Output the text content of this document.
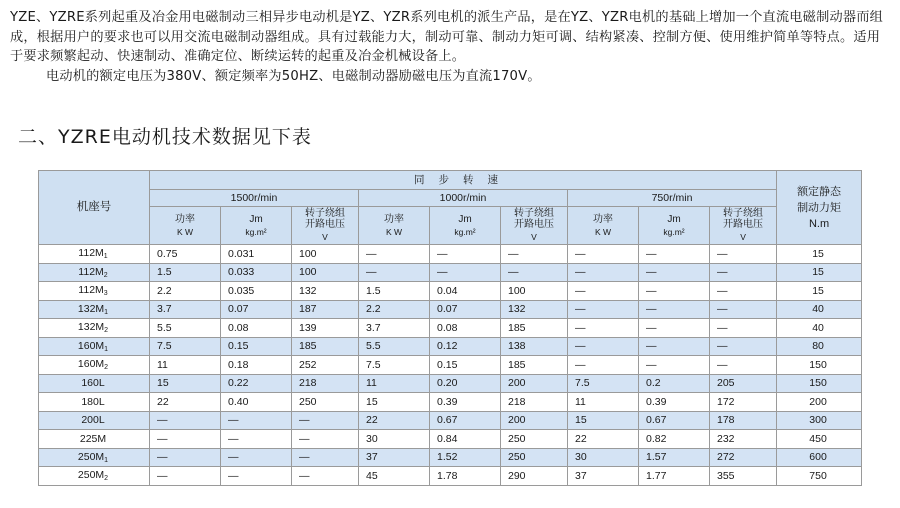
YZE、YZRE系列起重及冶金用电磁制动三相异步电动机是YZ、YZR系列电机的派生产品，是在YZ、YZR电机的基础上增加一个直流电磁制动器而组成，根据用户的要求也可以用交流电磁制动器组成。具有过载能力大，制动可靠、制动力矩可调、结构紧凑、控制方便、使用维护简单等特点。适用于要求频繁起动、快速制动、准确定位、断续运转的起重及冶金机械设备上。

电动机的额定电压为380V、额定频率为50HZ、电磁制动器励磁电压为直流170V。

二、YZRE电动机技术数据见下表
机座号	同步转速									额定静态
制动力矩
N.m
	1500r/min			1000r/min			750r/min			
	功率

K W	Jm

kg.m²	转子绕组
开路电压

V	功率

K W	Jm

kg.m²	转子绕组
开路电压

V	功率

K W	Jm

kg.m²	转子绕组
开路电压

V	

$112M_1$	0.75	0.031	100	—	—	—	—	—	—	15
$112M_2$	1.5	0.033	100	—	—	—	—	—	—	15
$112M_3$	2.2	0.035	132	1.5	0.04	100	—	—	—	15
$132M_1$	3.7	0.07	187	2.2	0.07	132	—	—	—	40
$132M_2$	5.5	0.08	139	3.7	0.08	185	—	—	—	40
$160M_1$	7.5	0.15	185	5.5	0.12	138	—	—	—	80
$160M_2$	11	0.18	252	7.5	0.15	185	—	—	—	150
160L	15	0.22	218	11	0.20	200	7.5	0.2	205	150
180L	22	0.40	250	15	0.39	218	11	0.39	172	200
200L	—	—	—	22	0.67	200	15	0.67	178	300
225M	—	—	—	30	0.84	250	22	0.82	232	450
$250M_1$	—	—	—	37	1.52	250	30	1.57	272	600
$250M_2$	—	—	—	45	1.78	290	37	1.77	355	750
